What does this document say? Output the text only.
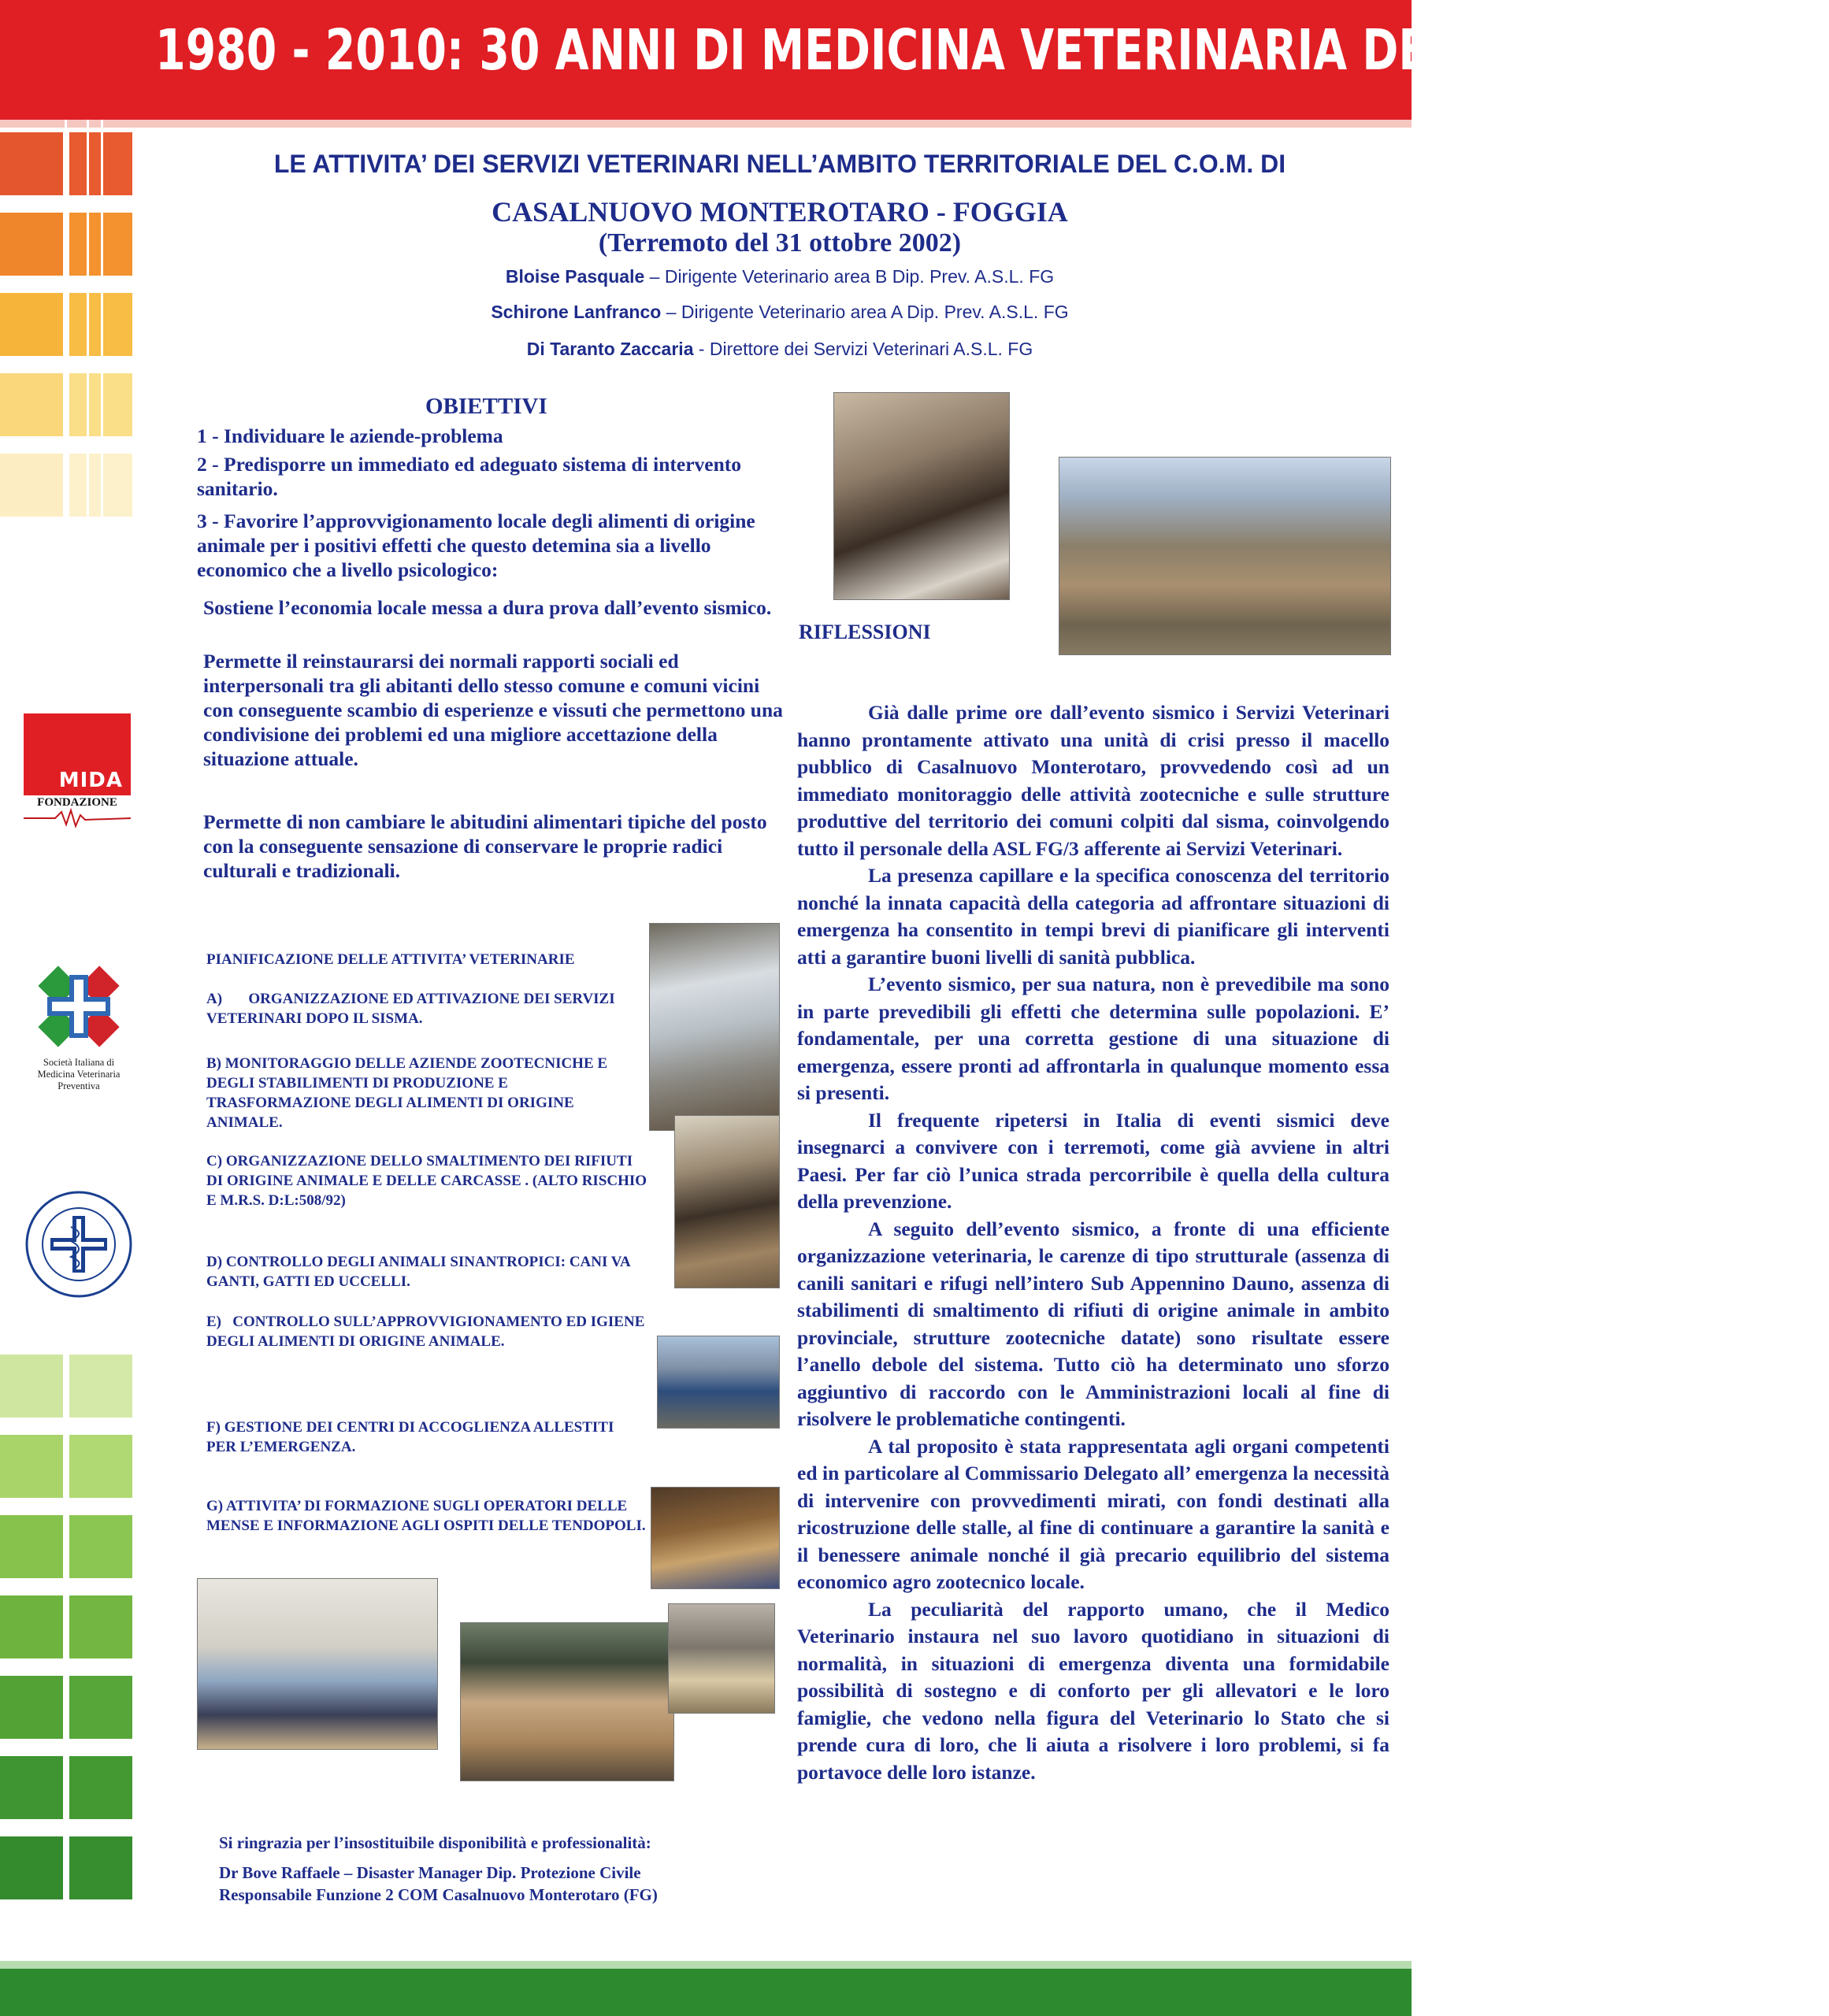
1980 - 2010: 30 ANNI DI MEDICINA VETERINARIA DELLE CATASTROFI
LE ATTIVITA’ DEI SERVIZI VETERINARI NELL’AMBITO TERRITORIALE DEL C.O.M. DI
CASALNUOVO MONTEROTARO - FOGGIA
(Terremoto del 31 ottobre 2002)
Bloise Pasquale – Dirigente Veterinario area B Dip. Prev. A.S.L. FG
Schirone Lanfranco – Dirigente Veterinario area A Dip. Prev. A.S.L. FG
Di Taranto Zaccaria - Direttore dei Servizi Veterinari A.S.L. FG
OBIETTIVI
1 - Individuare le aziende-problema
2 - Predisporre un immediato ed adeguato sistema di intervento sanitario.
3 - Favorire l’approvvigionamento locale degli alimenti di origine animale per i positivi effetti che questo detemina sia a livello economico che a livello psicologico:
Sostiene l’economia locale messa a dura prova dall’evento sismico.
Permette il reinstaurarsi dei normali rapporti sociali ed interpersonali tra gli abitanti dello stesso comune e comuni vicini con conseguente scambio di esperienze e vissuti che permettono una condivisione dei problemi ed una migliore accettazione della situazione attuale.
Permette di non cambiare le abitudini alimentari tipiche del posto con la conseguente sensazione di conservare le proprie radici culturali e tradizionali.
RIFLESSIONI

Già dalle prime ore dall’evento sismico i Servizi Veterinari hanno prontamente attivato una unità di crisi presso il macello pubblico di Casalnuovo Monterotaro, provvedendo così ad un immediato monitoraggio delle attività zootecniche e sulle strutture produttive del territorio dei comuni colpiti dal sisma, coinvolgendo tutto il personale della ASL FG/3 afferente ai Servizi Veterinari.

La presenza capillare e la specifica conoscenza del territorio nonché la innata capacità della categoria ad affrontare situazioni di emergenza ha consentito in tempi brevi di pianificare gli interventi atti a garantire buoni livelli di sanità pubblica.

L’evento sismico, per sua natura, non è prevedibile ma sono in parte prevedibili gli effetti che determina sulle popolazioni. E’ fondamentale, per una corretta gestione di una situazione di emergenza, essere pronti ad affrontarla in qualunque momento essa si presenti.

Il frequente ripetersi in Italia di eventi sismici deve insegnarci a convivere con i terremoti, come già avviene in altri Paesi. Per far ciò l’unica strada percorribile è quella della cultura della prevenzione.

A seguito dell’evento sismico, a fronte di una efficiente organizzazione veterinaria, le carenze di tipo strutturale (assenza di canili sanitari e rifugi nell’intero Sub Appennino Dauno, assenza di stabilimenti di smaltimento di rifiuti di origine animale in ambito provinciale, strutture zootecniche datate) sono risultate essere l’anello debole del sistema. Tutto ciò ha determinato uno sforzo aggiuntivo di raccordo con le Amministrazioni locali al fine di risolvere le problematiche contingenti.

A tal proposito è stata rappresentata agli organi competenti ed in particolare al Commissario Delegato all’ emergenza la necessità di intervenire con provvedimenti mirati, con fondi destinati alla ricostruzione delle stalle, al fine di continuare a garantire la sanità e il benessere animale nonché il già precario equilibrio del sistema economico agro zootecnico locale.

La peculiarità del rapporto umano, che il Medico Veterinario instaura nel suo lavoro quotidiano in situazioni di normalità, in situazioni di emergenza diventa una formidabile possibilità di sostegno e di conforto per gli allevatori e le loro famiglie, che vedono nella figura del Veterinario lo Stato che si prende cura di loro, che li aiuta a risolvere i loro problemi, si fa portavoce delle loro istanze.

PIANIFICAZIONE DELLE ATTIVITA’ VETERINARIE
A) ORGANIZZAZIONE ED ATTIVAZIONE DEI SERVIZI VETERINARI DOPO IL SISMA.
B) MONITORAGGIO DELLE AZIENDE ZOOTECNICHE E DEGLI STABILIMENTI DI PRODUZIONE E TRASFORMAZIONE DEGLI ALIMENTI DI ORIGINE ANIMALE.
C) ORGANIZZAZIONE DELLO SMALTIMENTO DEI RIFIUTI DI ORIGINE ANIMALE E DELLE CARCASSE . (ALTO RISCHIO E M.R.S. D:L:508/92)
D) CONTROLLO DEGLI ANIMALI SINANTROPICI: CANI VA GANTI, GATTI ED UCCELLI.
E) CONTROLLO SULL’APPROVVIGIONAMENTO ED IGIENE DEGLI ALIMENTI DI ORIGINE ANIMALE.
F) GESTIONE DEI CENTRI DI ACCOGLIENZA ALLESTITI PER L’EMERGENZA.
G) ATTIVITA’ DI FORMAZIONE SUGLI OPERATORI DELLE MENSE E INFORMAZIONE AGLI OSPITI DELLE TENDOPOLI.
Si ringrazia per l’insostituibile disponibilità e professionalità:
Dr Bove Raffaele – Disaster Manager Dip. Protezione Civile
Responsabile Funzione 2 COM Casalnuovo Monterotaro (FG)
MIDA
FONDAZIONE
Società Italiana di
Medicina Veterinaria
Preventiva
